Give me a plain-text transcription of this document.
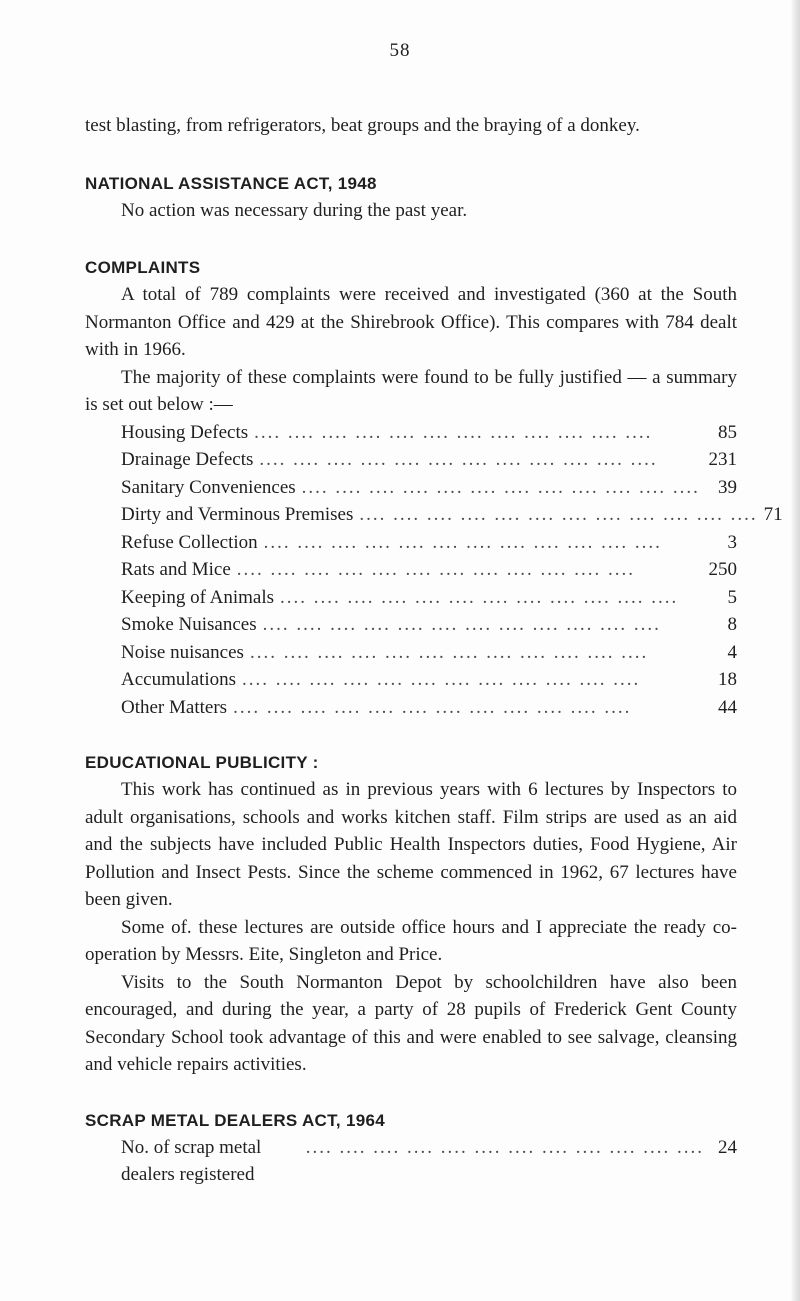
58

test blasting, from refrigerators, beat groups and the braying of a donkey.

NATIONAL ASSISTANCE ACT, 1948

No action was necessary during the past year.

COMPLAINTS

A total of 789 complaints were received and investigated (360 at the South Normanton Office and 429 at the Shirebrook Office). This compares with 784 dealt with in 1966.

The majority of these complaints were found to be fully justified — a summary is set out below :—

Housing Defects .... .... .... .... .... .... .... .... .... .... .... ....	85
Drainage Defects .... .... .... .... .... .... .... .... .... .... .... ....	231
Sanitary Conveniences .... .... .... .... .... .... .... .... .... .... .... .... 39
Dirty and Verminous Premises .... .... .... .... .... .... .... .... .... .... .... .... 71
Refuse Collection .... .... .... .... .... .... .... .... .... .... .... ....	3
Rats and Mice .... .... .... .... .... .... .... .... .... .... .... ....	250
Keeping of Animals .... .... .... .... .... .... .... .... .... .... .... ....	5
Smoke Nuisances .... .... .... .... .... .... .... .... .... .... .... ....	8
Noise nuisances .... .... .... .... .... .... .... .... .... .... .... ....	4
Accumulations .... .... .... .... .... .... .... .... .... .... .... ....	18
Other Matters .... .... .... .... .... .... .... .... .... .... .... ....	44
EDUCATIONAL PUBLICITY :

This work has continued as in previous years with 6 lectures by Inspectors to adult organisations, schools and works kitchen staff. Film strips are used as an aid and the subjects have included Public Health Inspectors duties, Food Hygiene, Air Pollution and Insect Pests. Since the scheme commenced in 1962, 67 lectures have been given.

Some of. these lectures are outside office hours and I appreciate the ready co-operation by Messrs. Eite, Singleton and Price.

Visits to the South Normanton Depot by schoolchildren have also been encouraged, and during the year, a party of 28 pupils of Frederick Gent County Secondary School took advantage of this and were enabled to see salvage, cleansing and vehicle repairs activities.

SCRAP METAL DEALERS ACT, 1964
No. of scrap metal dealers registered
.... .... .... .... .... .... .... .... .... .... .... .... 24
